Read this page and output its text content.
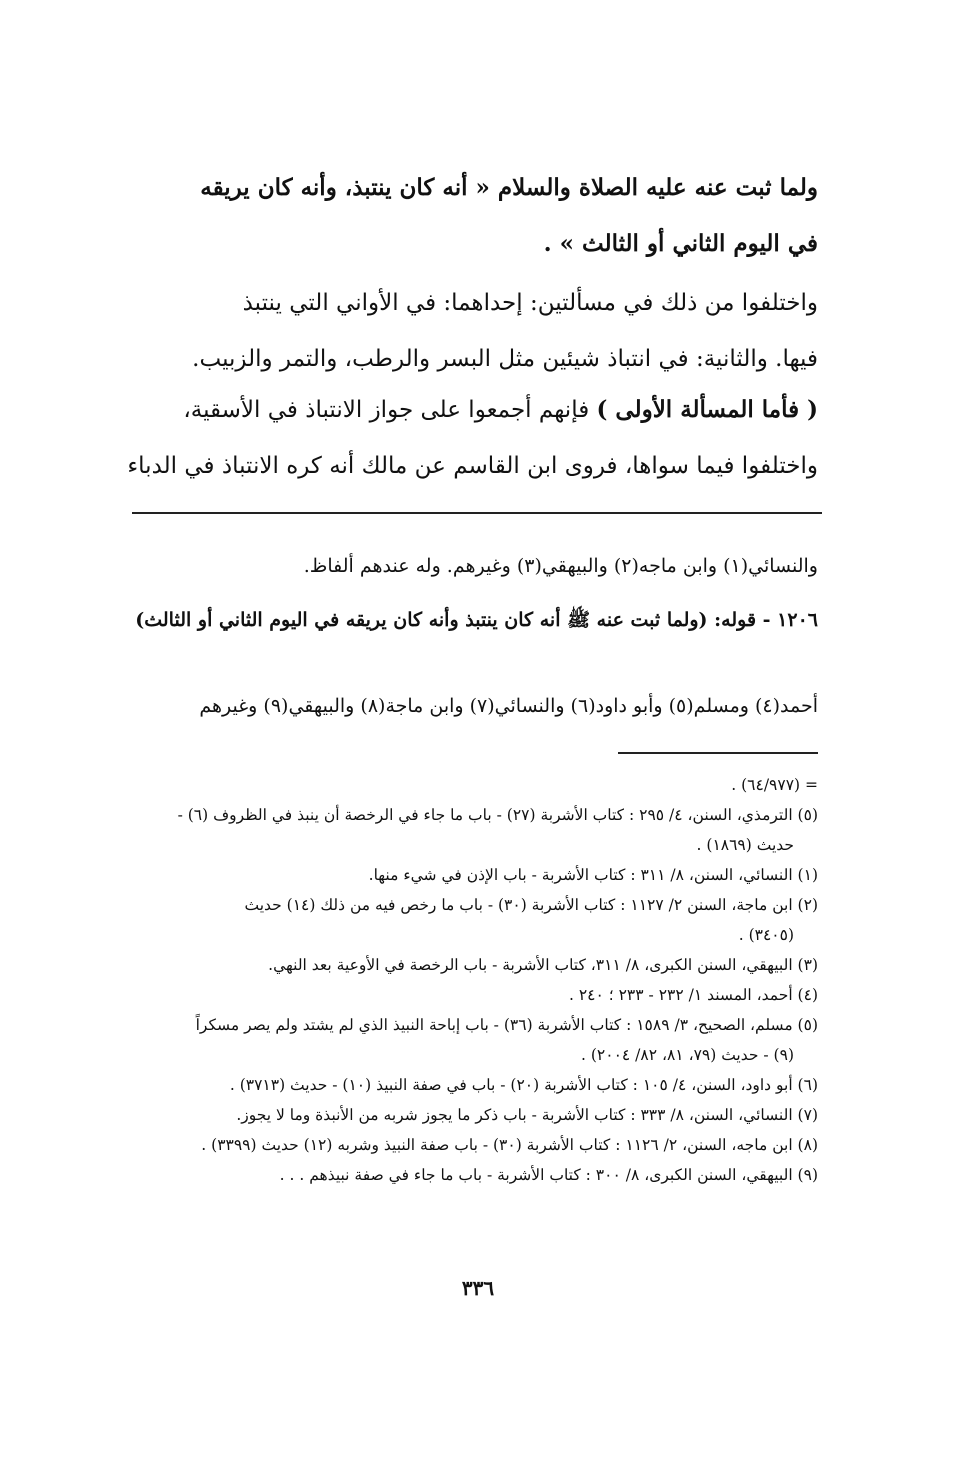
ولما ثبت عنه عليه الصلاة والسلام « أنه كان ينتبذ، وأنه كان يريقه

في اليوم الثاني أو الثالث » .

واختلفوا من ذلك في مسألتين: إحداهما: في الأواني التي ينتبذ

فيها. والثانية: في انتباذ شيئين مثل البسر والرطب، والتمر والزبيب.

( فأما المسألة الأولى ) فإنهم أجمعوا على جواز الانتباذ في الأسقية،

واختلفوا فيما سواها، فروى ابن القاسم عن مالك أنه كره الانتباذ في الدباء

والنسائي(١) وابن ماجه(٢) والبيهقي(٣) وغيرهم. وله عندهم ألفاظ.

١٢٠٦ - قوله: (ولما ثبت عنه ﷺ أنه كان ينتبذ وأنه كان يريقه في اليوم الثاني أو الثالث)

أحمد(٤) ومسلم(٥) وأبو داود(٦) والنسائي(٧) وابن ماجة(٨) والبيهقي(٩) وغيرهم

= (٦٤/٩٧٧) .

(٥) الترمذي، السنن، ٤/ ٢٩٥ : كتاب الأشربة (٢٧) - باب ما جاء في الرخصة أن ينبذ في الظروف (٦) -
حديث (١٨٦٩) .

(١) النسائي، السنن، ٨/ ٣١١ : كتاب الأشربة - باب الإذن في شيء منها.

(٢) ابن ماجة، السنن ٢/ ١١٢٧ : كتاب الأشربة (٣٠) - باب ما رخص فيه من ذلك (١٤) حديث
(٣٤٠٥) .

(٣) البيهقي، السنن الكبرى، ٨/ ٣١١، كتاب الأشربة - باب الرخصة في الأوعية بعد النهي.

(٤) أحمد، المسند ١/ ٢٣٢ - ٢٣٣ ؛ ٢٤٠ .

(٥) مسلم، الصحيح، ٣/ ١٥٨٩ : كتاب الأشربة (٣٦) - باب إباحة النبيذ الذي لم يشتد ولم يصر مسكراً
(٩) - حديث (٧٩، ٨١، ٨٢/ ٢٠٠٤) .

(٦) أبو داود، السنن، ٤/ ١٠٥ : كتاب الأشربة (٢٠) - باب في صفة النبيذ (١٠) - حديث (٣٧١٣) .

(٧) النسائي، السنن، ٨/ ٣٣٣ : كتاب الأشربة - باب ذكر ما يجوز شربه من الأنبذة وما لا يجوز.

(٨) ابن ماجه، السنن، ٢/ ١١٢٦ : كتاب الأشربة (٣٠) - باب صفة النبيذ وشربه (١٢) حديث (٣٣٩٩) .

(٩) البيهقي، السنن الكبرى، ٨/ ٣٠٠ : كتاب الأشربة - باب ما جاء في صفة نبيذهم . . .

٣٣٦
